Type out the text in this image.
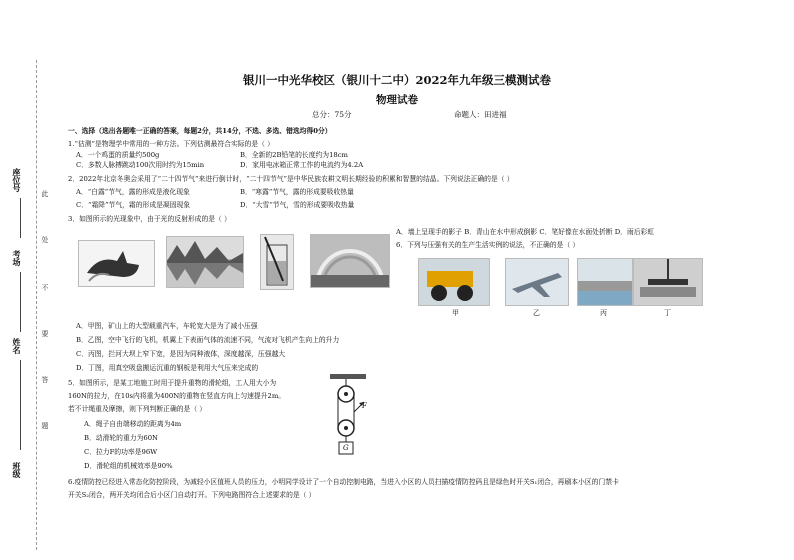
座位号
考场
姓名
班级
此
处
不
要
答
题
银川一中光华校区（银川十二中）2022年九年级三模测试卷
物理试卷
总分：75分	命题人：田进福
一、选择（选出各题唯一正确的答案，每题2分，共14分，不选、多选、错选均得0分）
1.“估测”是物理学中常用的一种方法。下列估测最符合实际的是（ ）
A．一个鸡蛋的质量约500g	B．全新的2B铅笔的长度约为18cm
C．多数人脉搏跳动100次用时约为15min	D．家用电冰箱正常工作的电流约为4.2A
2．2022年北京冬奥会采用了“二十四节气”来进行倒计时，“二十四节气”是中华民族农耕文明长期经验的积累和智慧的结晶。下列说法正确的是（ ）
A．“白露”节气，露的形成是液化现象	B．“寒露”节气，露的形成要吸收热量
C．“霜降”节气，霜的形成是凝固现象	D．“大雪”节气，雪的形成要吸收热量
3．如图所示的光现象中，由于光的反射形成的是（ ）
A．墙上呈现手的影子 B．青山在水中形成倒影 C．笔好像在水面处折断 D．雨后彩虹
6．下列与压强有关的生产生活实例的说法，不正确的是（ ）
甲	乙	丙	丁
A．甲图，矿山上的大型载重汽车，车轮宽大是为了减小压强
B．乙图，空中飞行的飞机，机翼上下表面气体的流速不同，气流对飞机产生向上的升力
C．丙图，拦河大坝上窄下宽，是因为同种液体，深度越深，压强越大
D．丁图，用真空吸盘搬运沉重的钢板是利用大气压来完成的
5．如图所示，是某工地施工时用于提升重物的滑轮组，工人用大小为
160N的拉力，在10s内将重为400N的重物在竖直方向上匀速提升2m。
若不计绳重及摩擦，则下列判断正确的是（ ）
A．绳子自由端移动的距离为4m
B．动滑轮的重力为60N
C．拉力F的功率是96W
D．滑轮组的机械效率是90%
F
G
6.疫情防控已经进入常态化防控阶段，为减轻小区值班人员的压力，小明同学设计了一个自动控制电路，当进入小区的人员扫描疫情防控码且是绿色时开关S₁闭合，再刷本小区的门禁卡
开关S₂闭合，两开关均闭合后小区门自动打开。下列电路图符合上述要求的是（ ）
